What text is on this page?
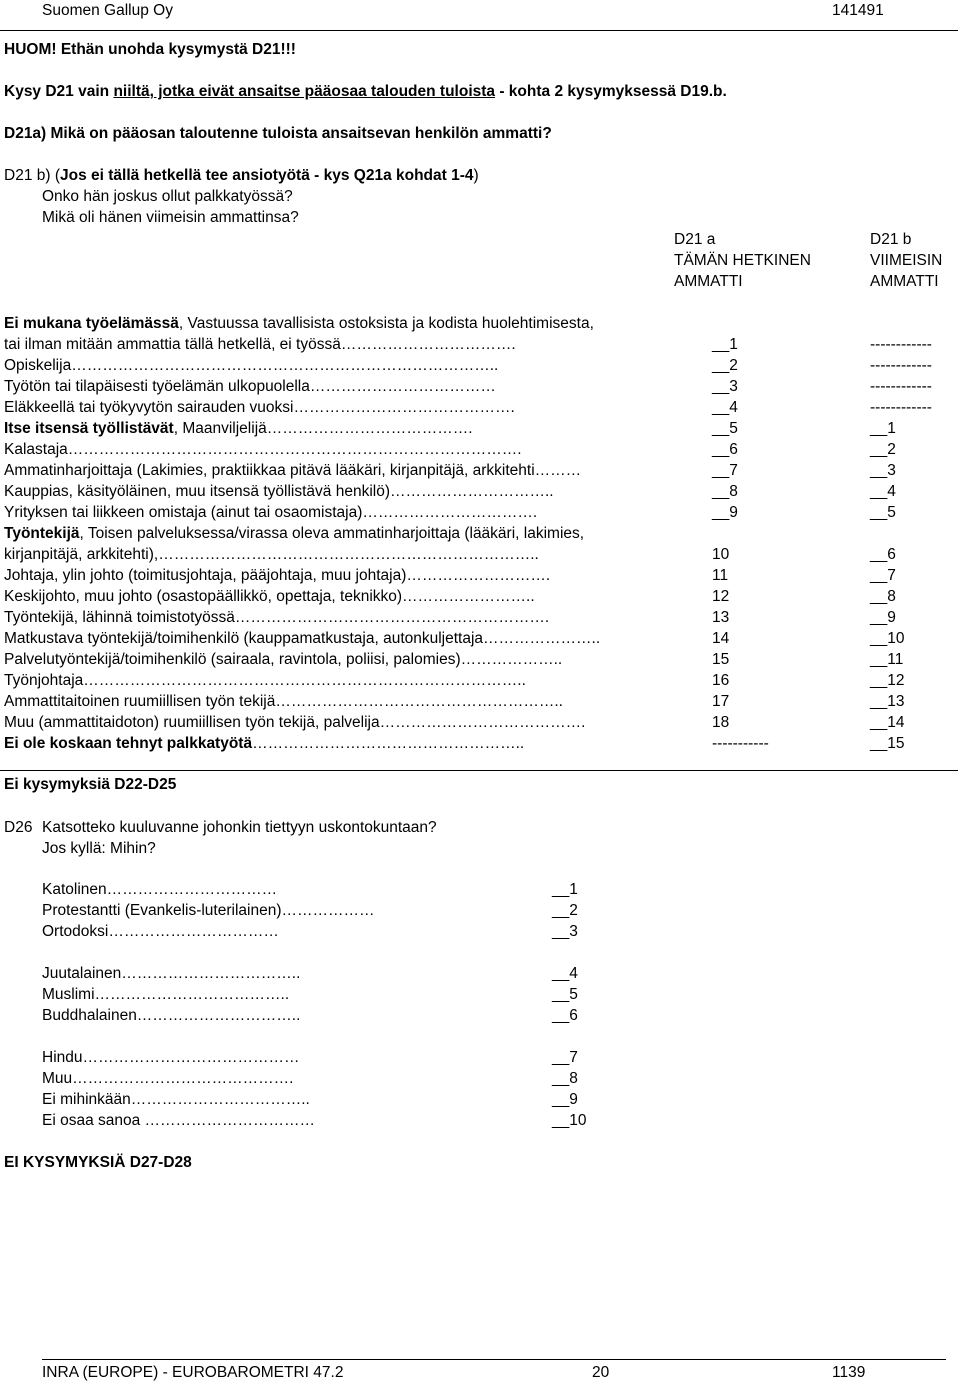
Suomen Gallup Oy	141491
HUOM! Ethän unohda kysymystä D21!!!
Kysy D21 vain niiltä, jotka eivät ansaitse pääosaa talouden tuloista - kohta 2 kysymyksessä D19.b.
D21a) Mikä on pääosan taloutenne tuloista ansaitsevan henkilön ammatti?
D21 b) (Jos ei tällä hetkellä tee ansiotyötä - kys Q21a kohdat 1-4)
Onko hän joskus ollut palkkatyössä?
Mikä oli hänen viimeisin ammattinsa?
D21 a
TÄMÄN HETKINEN
AMMATTI
D21 b
VIIMEISIN
AMMATTI
Ei mukana työelämässä, Vastuussa tavallisista ostoksista ja kodista huolehtimisesta,
tai ilman mitään ammattia tällä hetkellä, ei työssä…………………………….	__1	------------
Opiskelija………………………………………………………………………..	__2	------------
Työtön tai tilapäisesti työelämän ulkopuolella………………………………	__3	------------
Eläkkeellä tai työkyvytön sairauden vuoksi…………………………………….	__4	------------
Itse itsensä työllistävät, Maanviljelijä………………………………….	__5	__1
Kalastaja…………………………………………………………………………….	__6	__2
Ammatinharjoittaja (Lakimies, praktiikkaa pitävä lääkäri, kirjanpitäjä, arkkitehti………	__7	__3
Kauppias, käsityöläinen, muu itsensä työllistävä henkilö)…………………………..	__8	__4
Yrityksen tai liikkeen omistaja (ainut tai osaomistaja)…………………………….	__9	__5
Työntekijä, Toisen palveluksessa/virassa oleva ammatinharjoittaja (lääkäri, lakimies,
kirjanpitäjä, arkkitehti),………………………………………………………………..	10	__6
Johtaja, ylin johto (toimitusjohtaja, pääjohtaja, muu johtaja)……………………….	11	__7
Keskijohto, muu johto (osastopäällikkö, opettaja, teknikko)……………………..	12	__8
Työntekijä, lähinnä toimistotyössä…………………………………………………….	13	__9
Matkustava työntekijä/toimihenkilö (kauppamatkustaja, autonkuljettaja…………………..	14	__10
Palvelutyöntekijä/toimihenkilö (sairaala, ravintola, poliisi, palomies)………………..	15	__11
Työnjohtaja…………………………………………………………………………..	16	__12
Ammattitaitoinen ruumiillisen työn tekijä………………………………………………..	17	__13
Muu (ammattitaidoton) ruumiillisen työn tekijä, palvelija………………………………….	18	__14
Ei ole koskaan tehnyt palkkatyötä……………………………………………..	-----------	__15
Ei kysymyksiä D22-D25
D26 Katsotteko kuuluvanne johonkin tiettyyn uskontokuntaan?
Jos kyllä: Mihin?
Katolinen……………………………	__1
Protestantti (Evankelis-luterilainen)………………	__2
Ortodoksi……………………………	__3
Juutalainen……………………………..	__4
Muslimi………………………………..	__5
Buddhalainen…………………………..	__6
Hindu……………………………………	__7
Muu…………………………………….	__8
Ei mihinkään……………………………..	__9
Ei osaa sanoa ……………………………	__10
EI KYSYMYKSIÄ D27-D28
INRA (EUROPE) - EUROBAROMETRI 47.2	20	1139
